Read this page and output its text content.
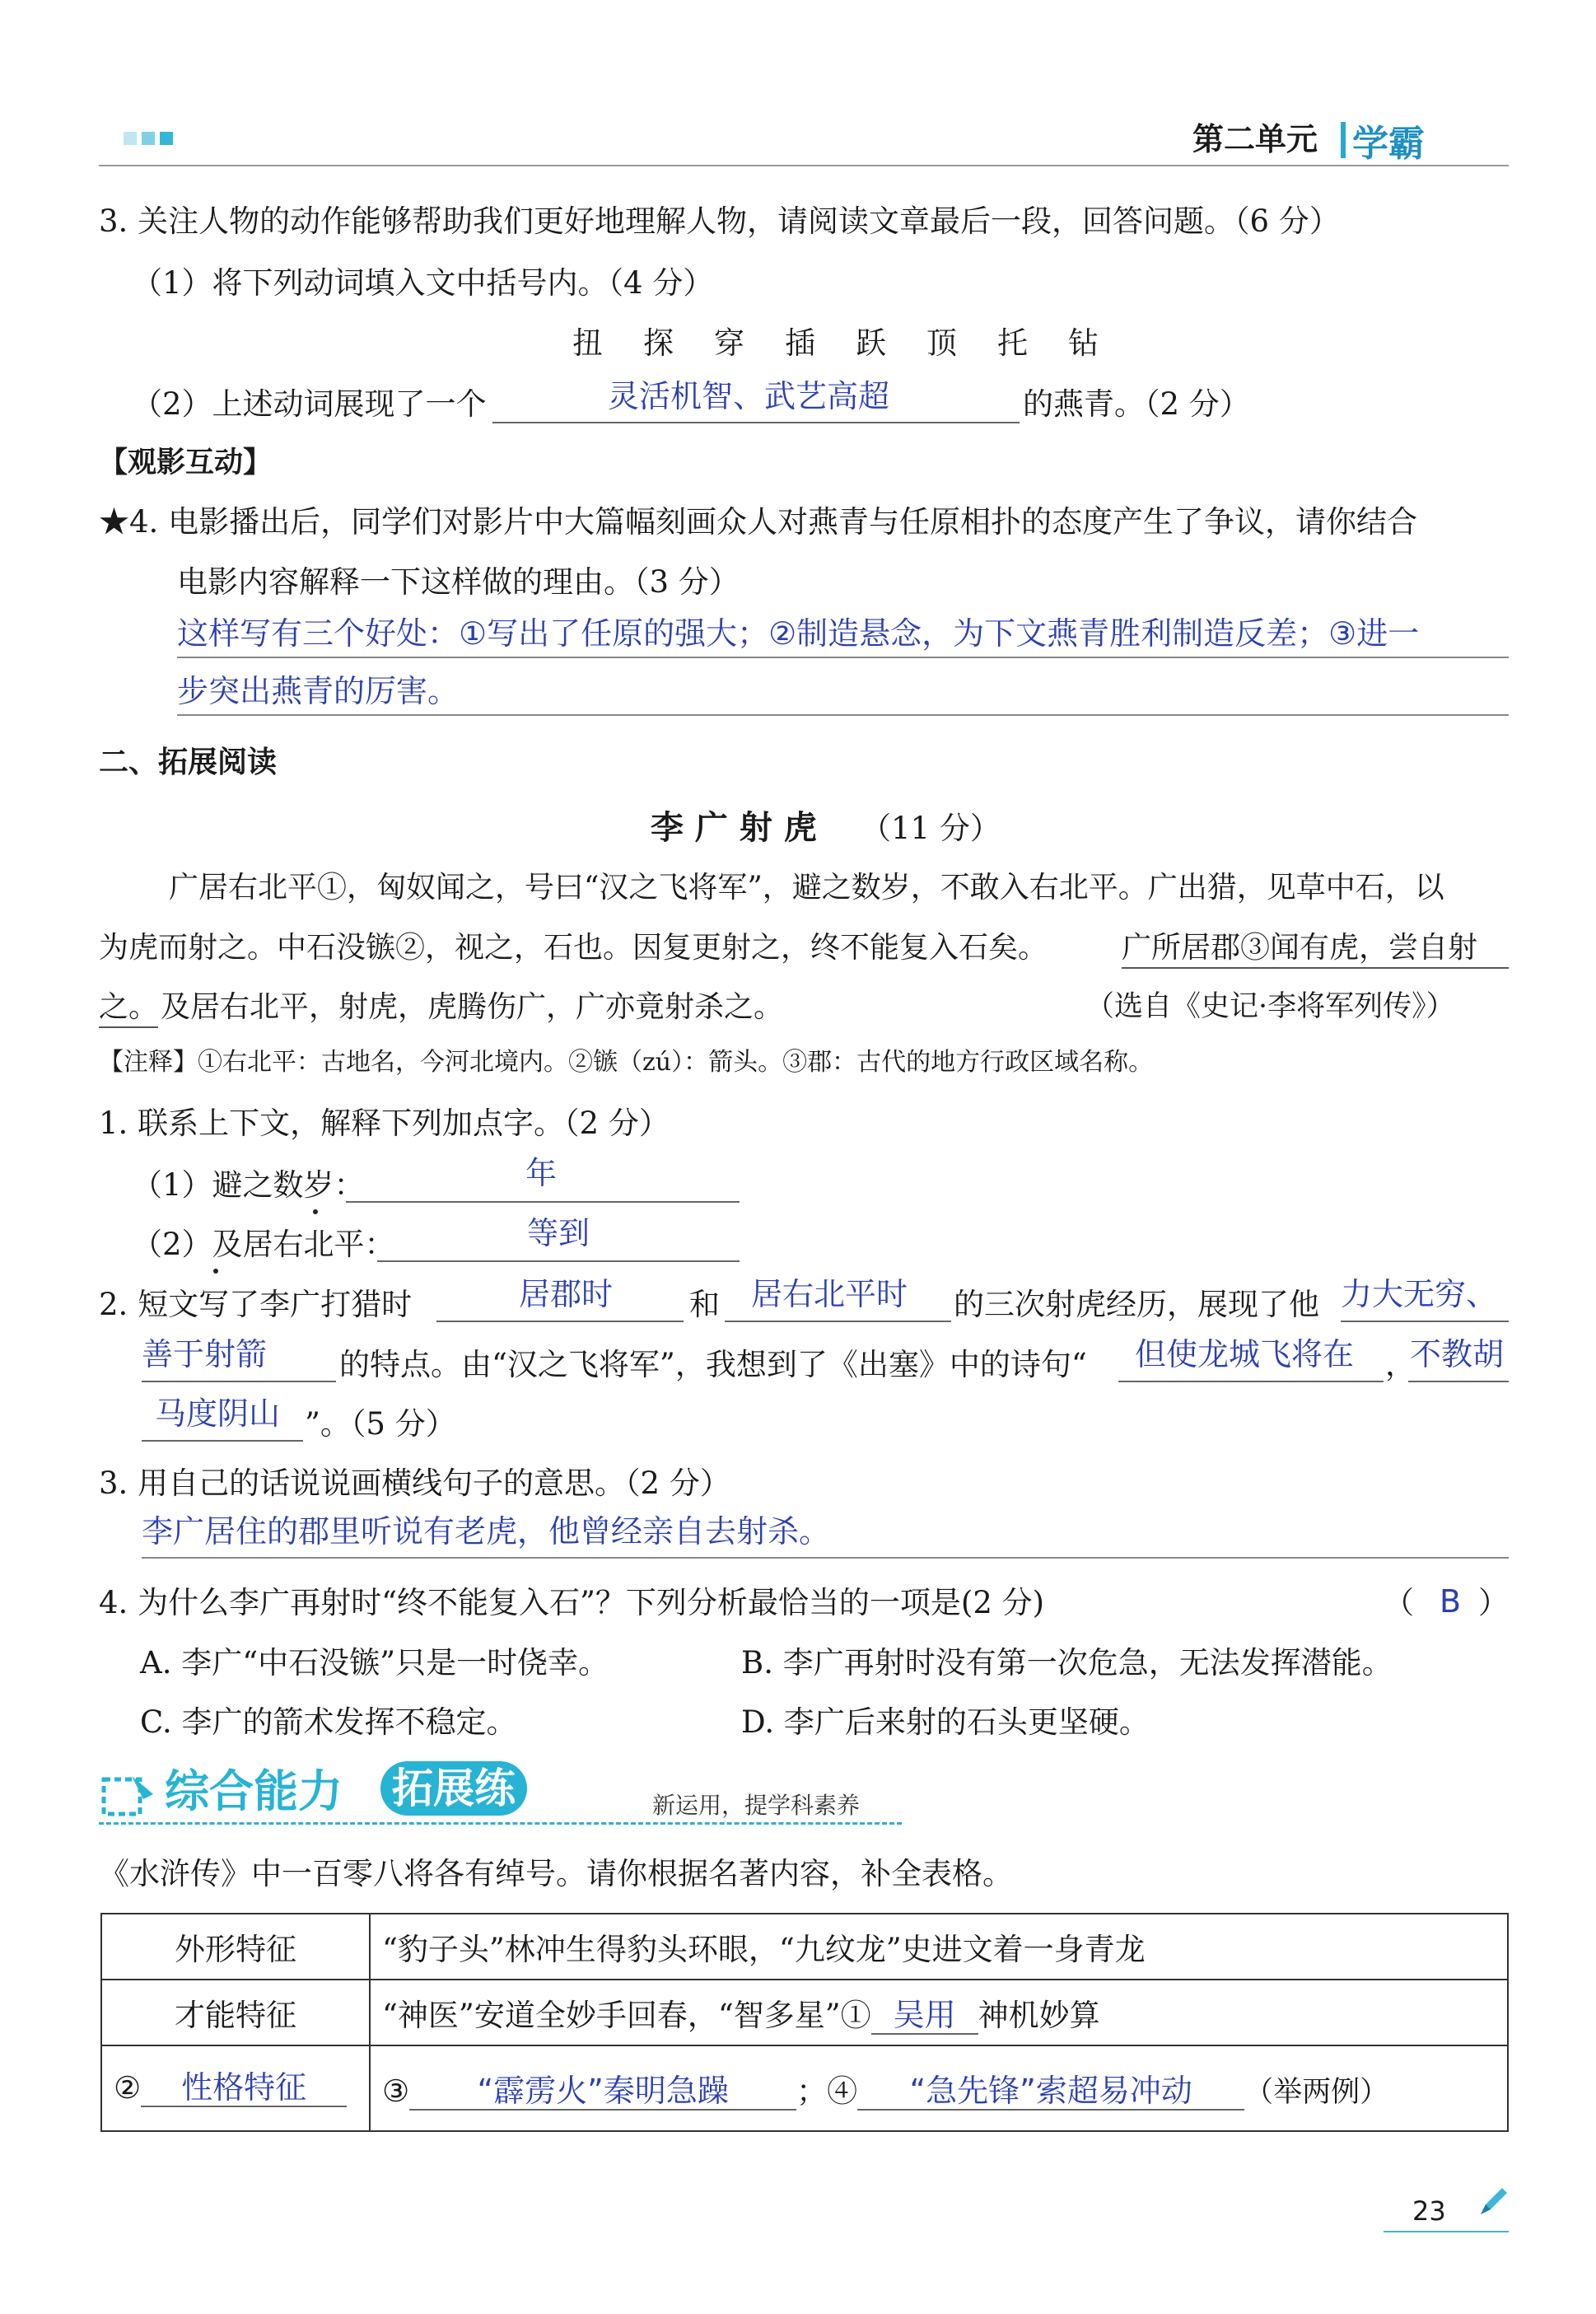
第二单元 学霸
3. 关注人物的动作能够帮助我们更好地理解人物，请阅读文章最后一段，回答问题。（6 分）
（1）将下列动词填入文中括号内。（4 分）
扭　探　穿　插　跃　顶　托　钻
（2）上述动词展现了一个	灵活机智、武艺高超	的燕青。（2 分）
【观影互动】
★4. 电影播出后，同学们对影片中大篇幅刻画众人对燕青与任原相扑的态度产生了争议，请你结合
电影内容解释一下这样做的理由。（3 分）
这样写有三个好处：①写出了任原的强大；②制造悬念，为下文燕青胜利制造反差；③进一
步突出燕青的厉害。
二、拓展阅读
李 广 射 虎 （11 分）
广居右北平①，匈奴闻之，号曰“汉之飞将军”，避之数岁，不敢入右北平。广出猎，见草中石，以
为虎而射之。中石没镞②，视之，石也。因复更射之，终不能复入石矣。 广所居郡③闻有虎，尝自射
之。 及居右北平，射虎，虎腾伤广，广亦竟射杀之。	（选自《史记·李将军列传》）
【注释】①右北平：古地名，今河北境内。②镞（zú）：箭头。③郡：古代的地方行政区域名称。
1. 联系上下文，解释下列加点字。（2 分）
（1）避之数岁：	年
（2）及居右北平：	等到
2. 短文写了李广打猎时	居郡时	和 居右北平时 的三次射虎经历，展现了他 力大无穷、
善于射箭 的特点。由“汉之飞将军”，我想到了《出塞》中的诗句“ 但使龙城飞将在 ，
不教胡
马度阴山 ”。（5 分）
3. 用自己的话说说画横线句子的意思。（2 分）
李广居住的郡里听说有老虎，他曾经亲自去射杀。
4. 为什么李广再射时“终不能复入石”？下列分析最恰当的一项是(2 分)	（ B ）
A. 李广“中石没镞”只是一时侥幸。	B. 李广再射时没有第一次危急，无法发挥潜能。
C. 李广的箭术发挥不稳定。	D. 李广后来射的石头更坚硬。
综合能力 拓展练	新运用，提学科素养
《水浒传》中一百零八将各有绰号。请你根据名著内容，补全表格。
外形特征	“豹子头”林冲生得豹头环眼，“九纹龙”史进文着一身青龙
才能特征	“神医”安道全妙手回春，“智多星”① 吴用 神机妙算
② 性格特征	③ “霹雳火”秦明急躁 ；④ “急先锋”索超易冲动 （举两例）
23
